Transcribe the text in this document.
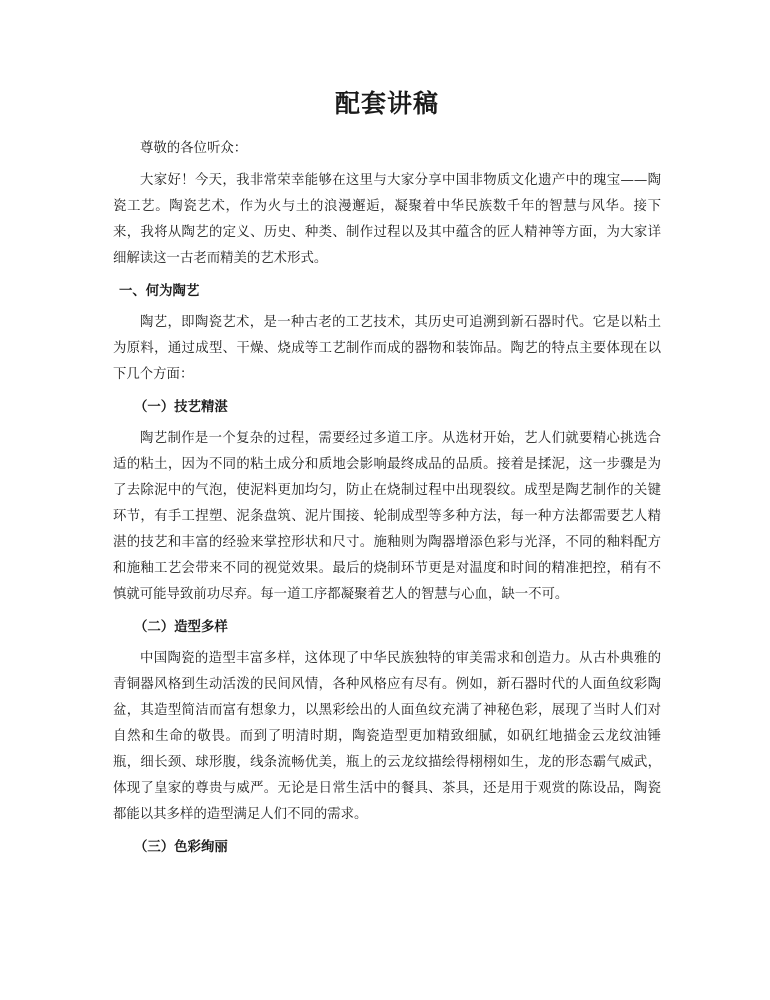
配套讲稿

尊敬的各位听众：

大家好！今天，我非常荣幸能够在这里与大家分享中国非物质文化遗产中的瑰宝——陶瓷工艺。陶瓷艺术，作为火与土的浪漫邂逅，凝聚着中华民族数千年的智慧与风华。接下来，我将从陶艺的定义、历史、种类、制作过程以及其中蕴含的匠人精神等方面，为大家详细解读这一古老而精美的艺术形式。

一、何为陶艺

陶艺，即陶瓷艺术，是一种古老的工艺技术，其历史可追溯到新石器时代。它是以粘土为原料，通过成型、干燥、烧成等工艺制作而成的器物和装饰品。陶艺的特点主要体现在以下几个方面：

（一）技艺精湛

陶艺制作是一个复杂的过程，需要经过多道工序。从选材开始，艺人们就要精心挑选合适的粘土，因为不同的粘土成分和质地会影响最终成品的品质。接着是揉泥，这一步骤是为了去除泥中的气泡，使泥料更加均匀，防止在烧制过程中出现裂纹。成型是陶艺制作的关键环节，有手工捏塑、泥条盘筑、泥片围接、轮制成型等多种方法，每一种方法都需要艺人精湛的技艺和丰富的经验来掌控形状和尺寸。施釉则为陶器增添色彩与光泽，不同的釉料配方和施釉工艺会带来不同的视觉效果。最后的烧制环节更是对温度和时间的精准把控，稍有不慎就可能导致前功尽弃。每一道工序都凝聚着艺人的智慧与心血，缺一不可。

（二）造型多样

中国陶瓷的造型丰富多样，这体现了中华民族独特的审美需求和创造力。从古朴典雅的青铜器风格到生动活泼的民间风情，各种风格应有尽有。例如，新石器时代的人面鱼纹彩陶盆，其造型简洁而富有想象力，以黑彩绘出的人面鱼纹充满了神秘色彩，展现了当时人们对自然和生命的敬畏。而到了明清时期，陶瓷造型更加精致细腻，如矾红地描金云龙纹油锤瓶，细长颈、球形腹，线条流畅优美，瓶上的云龙纹描绘得栩栩如生，龙的形态霸气威武，体现了皇家的尊贵与威严。无论是日常生活中的餐具、茶具，还是用于观赏的陈设品，陶瓷都能以其多样的造型满足人们不同的需求。

（三）色彩绚丽
